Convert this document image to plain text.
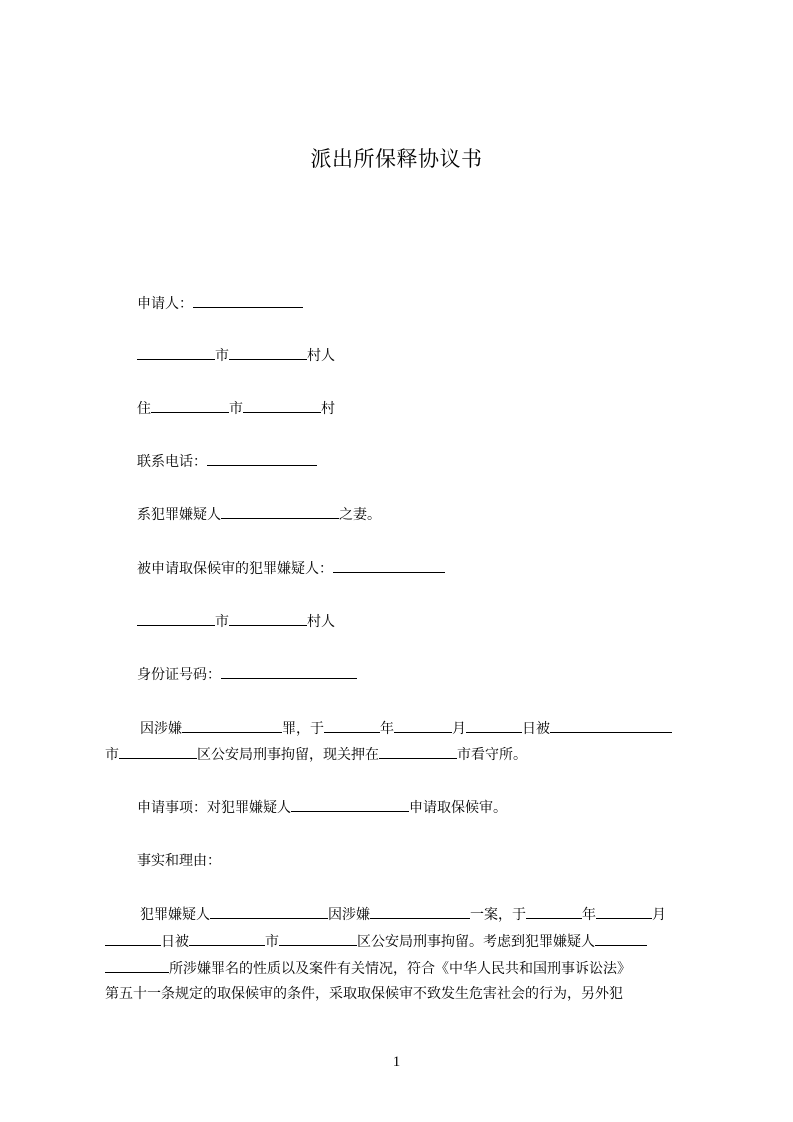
派出所保释协议书
申请人：
市	村人
住	市	村
联系电话：
系犯罪嫌疑人	之妻。
被申请取保候审的犯罪嫌疑人：
市	村人
身份证号码：
因涉嫌	罪，于	年	月	日被
市	区公安局刑事拘留，现关押在	市看守所。
申请事项：对犯罪嫌疑人	申请取保候审。
事实和理由：
犯罪嫌疑人	因涉嫌	一案，于	年	月
日被	市	区公安局刑事拘留。考虑到犯罪嫌疑人
所涉嫌罪名的性质以及案件有关情况，符合《中华人民共和国刑事诉讼法》
第五十一条规定的取保候审的条件，采取取保候审不致发生危害社会的行为，另外犯
1
